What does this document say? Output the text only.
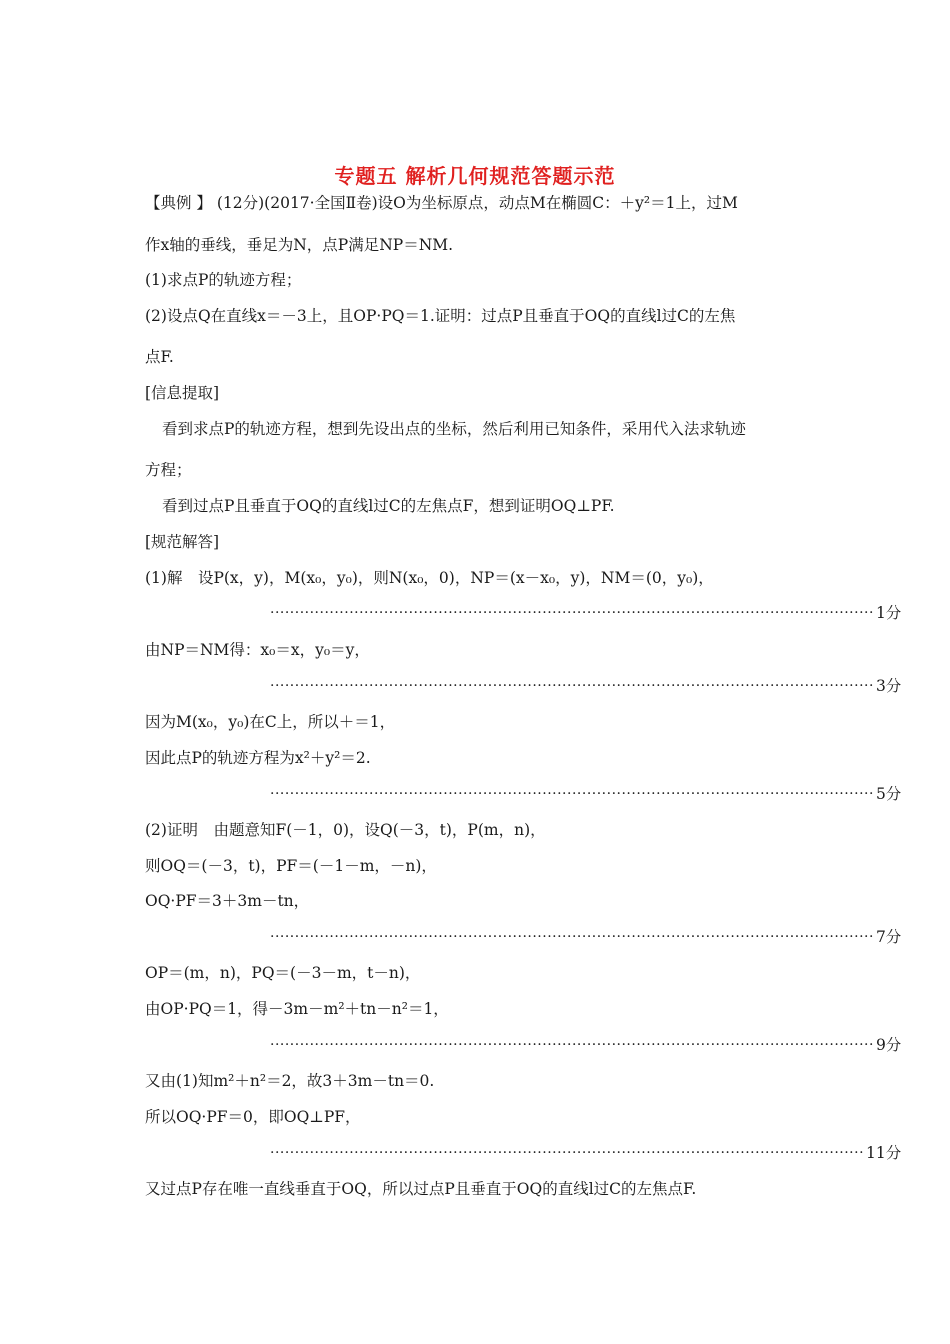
专题五 解析几何规范答题示范
【典例 】 (12分)(2017·全国Ⅱ卷)设O为坐标原点，动点M在椭圆C：＋y²＝1上，过M
作x轴的垂线，垂足为N，点P满足NP＝NM.
(1)求点P的轨迹方程；
(2)设点Q在直线x＝－3上，且OP·PQ＝1.证明：过点P且垂直于OQ的直线l过C的左焦
点F.
[信息提取]
看到求点P的轨迹方程，想到先设出点的坐标，然后利用已知条件，采用代入法求轨迹
方程；
看到过点P且垂直于OQ的直线l过C的左焦点F，想到证明OQ⊥PF.
[规范解答]
(1)解　设P(x，y)，M(x₀，y₀)，则N(x₀，0)，NP＝(x－x₀，y)，NM＝(0，y₀)，
·························································································································· 1分
由NP＝NM得：x₀＝x，y₀＝y，
·························································································································· 3分
因为M(x₀，y₀)在C上，所以＋＝1，
因此点P的轨迹方程为x²＋y²＝2.
·························································································································· 5分
(2)证明　由题意知F(－1，0)，设Q(－3，t)，P(m，n)，
则OQ＝(－3，t)，PF＝(－1－m，－n)，
OQ·PF＝3＋3m－tn，
·························································································································· 7分
OP＝(m，n)，PQ＝(－3－m，t－n)，
由OP·PQ＝1，得－3m－m²＋tn－n²＝1，
·························································································································· 9分
又由(1)知m²＋n²＝2，故3＋3m－tn＝0.
所以OQ·PF＝0，即OQ⊥PF，
························································································································ 11分
又过点P存在唯一直线垂直于OQ，所以过点P且垂直于OQ的直线l过C的左焦点F.
